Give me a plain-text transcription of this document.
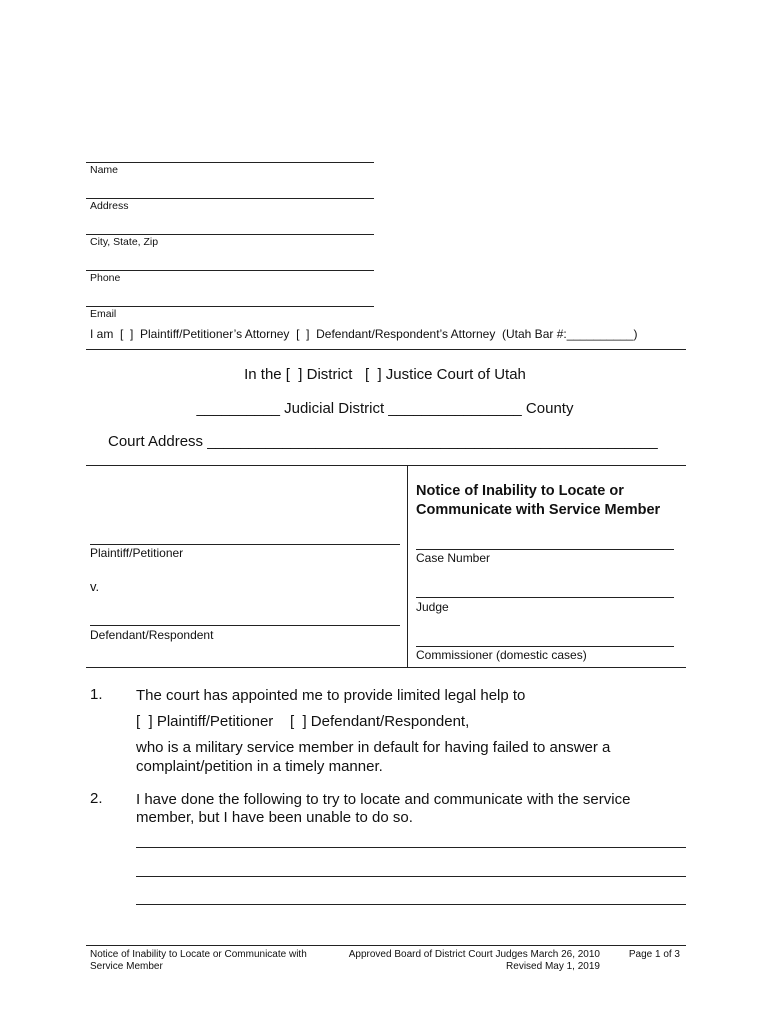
Name
Address
City, State, Zip
Phone
Email
I am  [  ]  Plaintiff/Petitioner’s Attorney  [  ]  Defendant/Respondent’s Attorney  (Utah Bar #:__________)
In the [  ] District   [  ] Justice Court of Utah
__________ Judicial District ________________ County
Court Address ______________________________________________________
Plaintiff/Petitioner
v.
Defendant/Respondent
Notice of Inability to Locate or
Communicate with Service Member
Case Number
Judge
Commissioner (domestic cases)
1. The court has appointed me to provide limited legal help to
[  ] Plaintiff/Petitioner    [  ] Defendant/Respondent,
who is a military service member in default for having failed to answer a
complaint/petition in a timely manner.
2. I have done the following to try to locate and communicate with the service
member, but I have been unable to do so.
Notice of Inability to Locate or Communicate with
Service Member
Approved Board of District Court Judges March 26, 2010
Revised May 1, 2019
Page 1 of 3
